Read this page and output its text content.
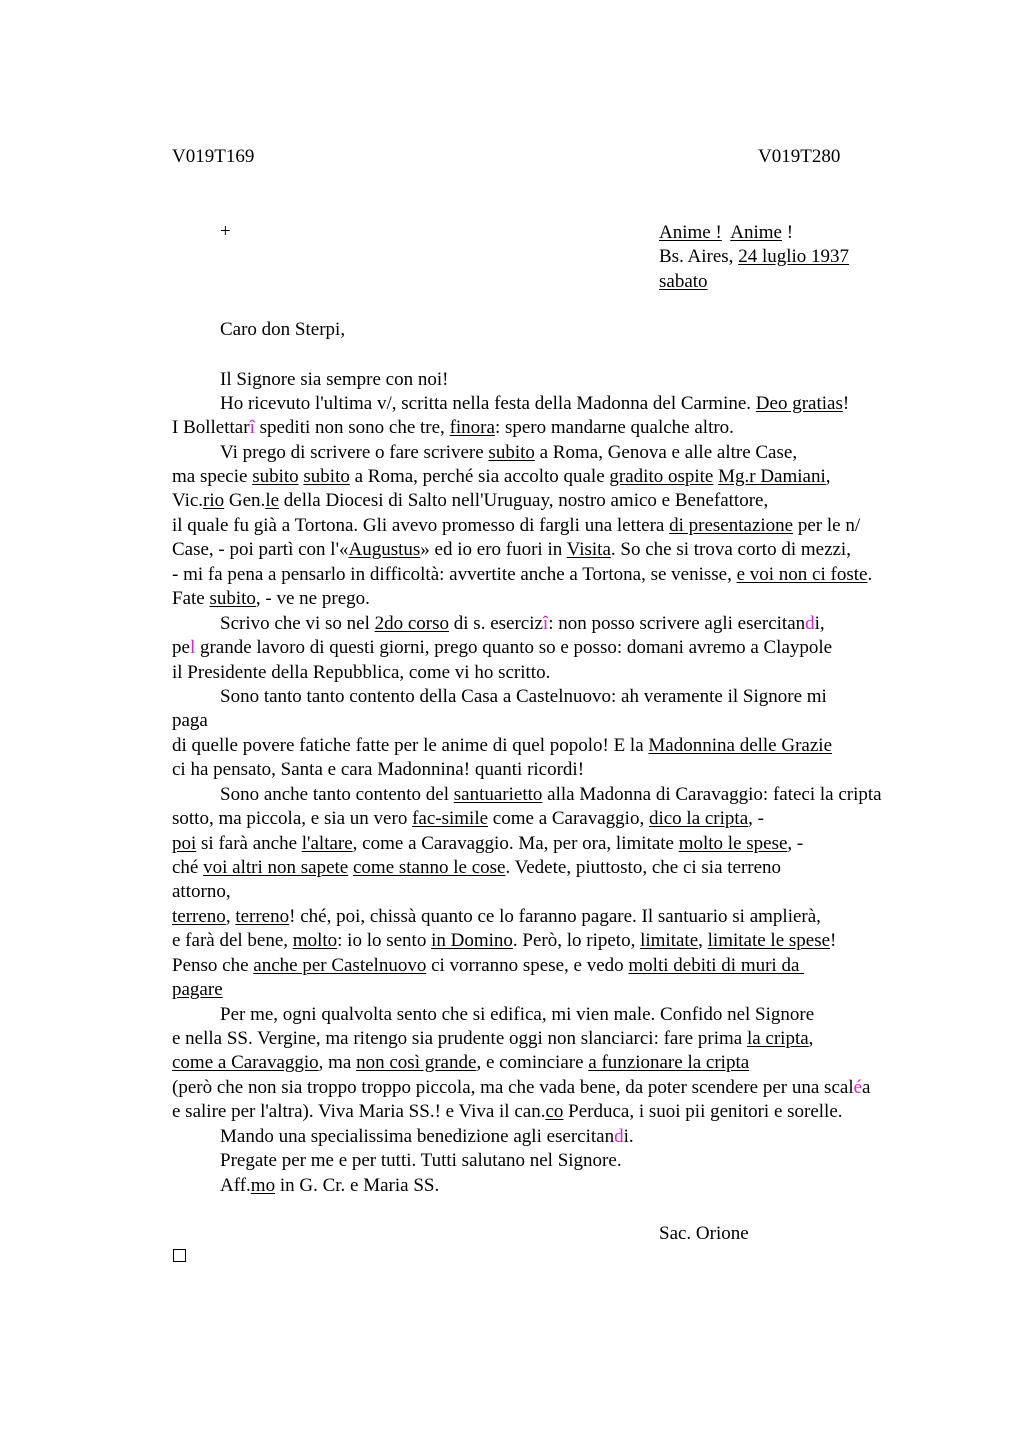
V019T169	V019T280
+	Anime ! Anime !
Bs. Aires, 24 luglio 1937
sabato
Caro don Sterpi,
Il Signore sia sempre con noi!
Ho ricevuto l'ultima v/, scritta nella festa della Madonna del Carmine. Deo gratias!
I Bollettarî spediti non sono che tre, finora: spero mandarne qualche altro.
Vi prego di scrivere o fare scrivere subito a Roma, Genova e alle altre Case,
ma specie subito subito a Roma, perché sia accolto quale gradito ospite Mg.r Damiani,
Vic.rio Gen.le della Diocesi di Salto nell'Uruguay, nostro amico e Benefattore,
il quale fu già a Tortona. Gli avevo promesso di fargli una lettera di presentazione per le n/
Case, - poi partì con l'«Augustus» ed io ero fuori in Visita. So che si trova corto di mezzi,
- mi fa pena a pensarlo in difficoltà: avvertite anche a Tortona, se venisse, e voi non ci foste.
Fate subito, - ve ne prego.
Scrivo che vi so nel 2do corso di s. esercizî: non posso scrivere agli esercitandi,
pel grande lavoro di questi giorni, prego quanto so e posso: domani avremo a Claypole
il Presidente della Repubblica, come vi ho scritto.
Sono tanto tanto contento della Casa a Castelnuovo: ah veramente il Signore mi
paga
di quelle povere fatiche fatte per le anime di quel popolo! E la Madonnina delle Grazie
ci ha pensato, Santa e cara Madonnina! quanti ricordi!
Sono anche tanto contento del santuarietto alla Madonna di Caravaggio: fateci la cripta
sotto, ma piccola, e sia un vero fac-simile come a Caravaggio, dico la cripta, -
poi si farà anche l'altare, come a Caravaggio. Ma, per ora, limitate molto le spese, -
ché voi altri non sapete come stanno le cose. Vedete, piuttosto, che ci sia terreno
attorno,
terreno, terreno! ché, poi, chissà quanto ce lo faranno pagare. Il santuario si amplierà,
e farà del bene, molto: io lo sento in Domino. Però, lo ripeto, limitate, limitate le spese!
Penso che anche per Castelnuovo ci vorranno spese, e vedo molti debiti di muri da
pagare
Per me, ogni qualvolta sento che si edifica, mi vien male. Confido nel Signore
e nella SS. Vergine, ma ritengo sia prudente oggi non slanciarci: fare prima la cripta,
come a Caravaggio, ma non così grande, e cominciare a funzionare la cripta
(però che non sia troppo troppo piccola, ma che vada bene, da poter scendere per una scaléa
e salire per l'altra). Viva Maria SS.! e Viva il can.co Perduca, i suoi pii genitori e sorelle.
Mando una specialissima benedizione agli esercitandi.
Pregate per me e per tutti. Tutti salutano nel Signore.
Aff.mo in G. Cr. e Maria SS.
Sac. Orione
